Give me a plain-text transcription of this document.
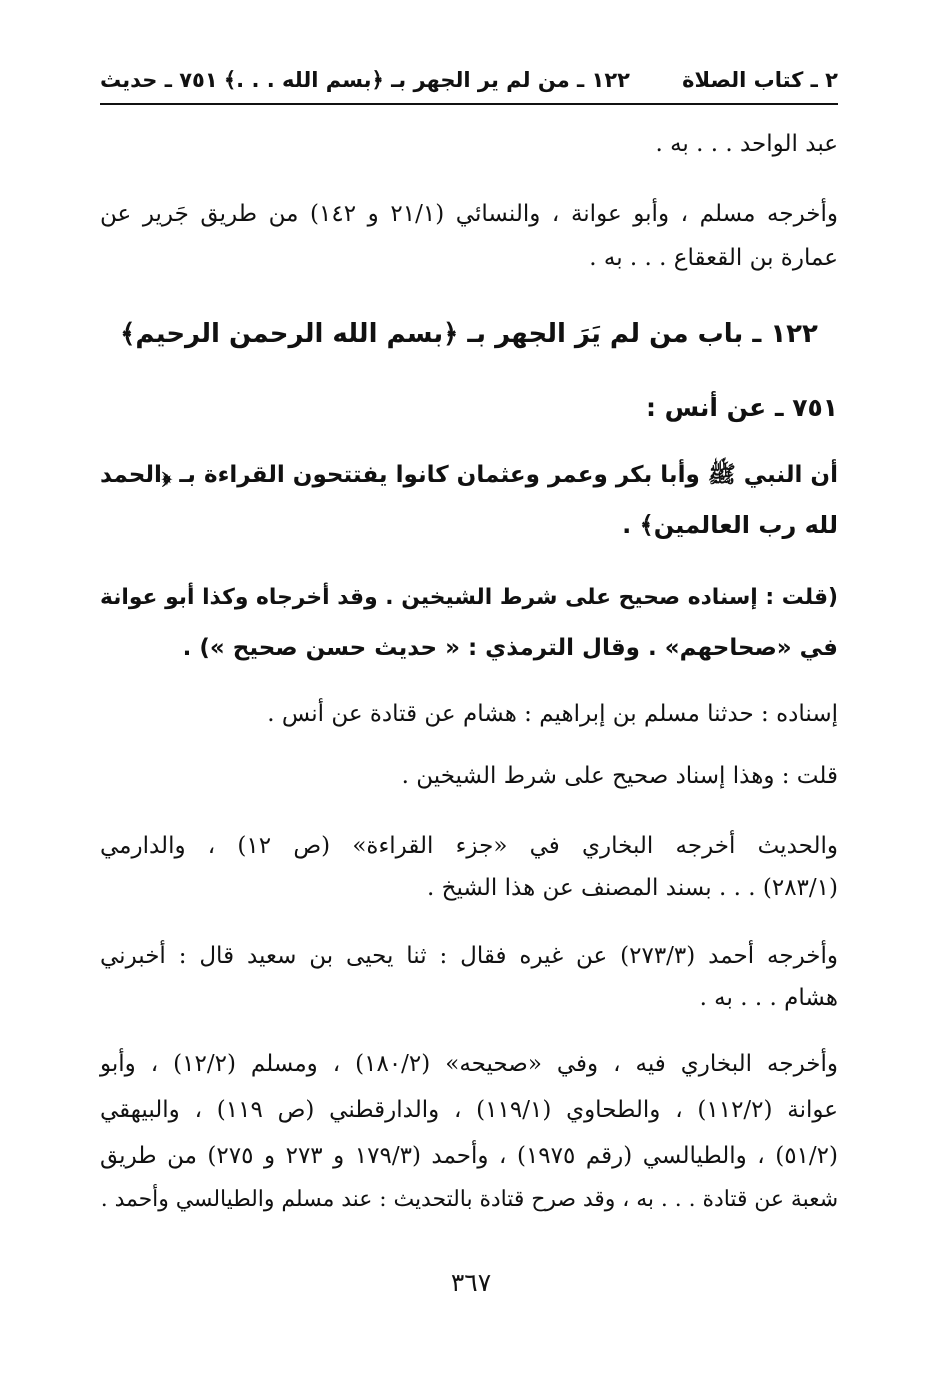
٢ ـ كتاب الصلاة
١٢٢ ـ من لم ير الجهر بـ ﴿بسم الله . . .﴾
٧٥١ ـ حديث
عبد الواحد . . . به .
وأخرجه مسلم ، وأبو عوانة ، والنسائي (٢١/١ و ١٤٢) من طريق جَرير عن
عمارة بن القعقاع . . . به .
١٢٢ ـ باب من لم يَرَ الجهر بـ ﴿بسم الله الرحمن الرحيم﴾
٧٥١ ـ عن أنس :
أن النبي ﷺ وأبا بكر وعمر وعثمان كانوا يفتتحون القراءة بـ ﴿الحمد
لله رب العالمين﴾ .
(قلت : إسناده صحيح على شرط الشيخين . وقد أخرجاه وكذا أبو عوانة
في «صحاحهم» . وقال الترمذي : « حديث حسن صحيح ») .
إسناده : حدثنا مسلم بن إبراهيم : هشام عن قتادة عن أنس .
قلت : وهذا إسناد صحيح على شرط الشيخين .
والحديث أخرجه البخاري في «جزء القراءة» (ص ١٢) ، والدارمي
(٢٨٣/١) . . . بسند المصنف عن هذا الشيخ .
وأخرجه أحمد (٢٧٣/٣) عن غيره فقال : ثنا يحيى بن سعيد قال : أخبرني
هشام . . . به .
وأخرجه البخاري فيه ، وفي «صحيحه» (١٨٠/٢) ، ومسلم (١٢/٢) ، وأبو
عوانة (١١٢/٢) ، والطحاوي (١١٩/١) ، والدارقطني (ص ١١٩) ، والبيهقي
(٥١/٢) ، والطيالسي (رقم ١٩٧٥) ، وأحمد (١٧٩/٣ و ٢٧٣ و ٢٧٥) من طريق
شعبة عن قتادة . . . به ، وقد صرح قتادة بالتحديث : عند مسلم والطيالسي وأحمد .
٣٦٧
